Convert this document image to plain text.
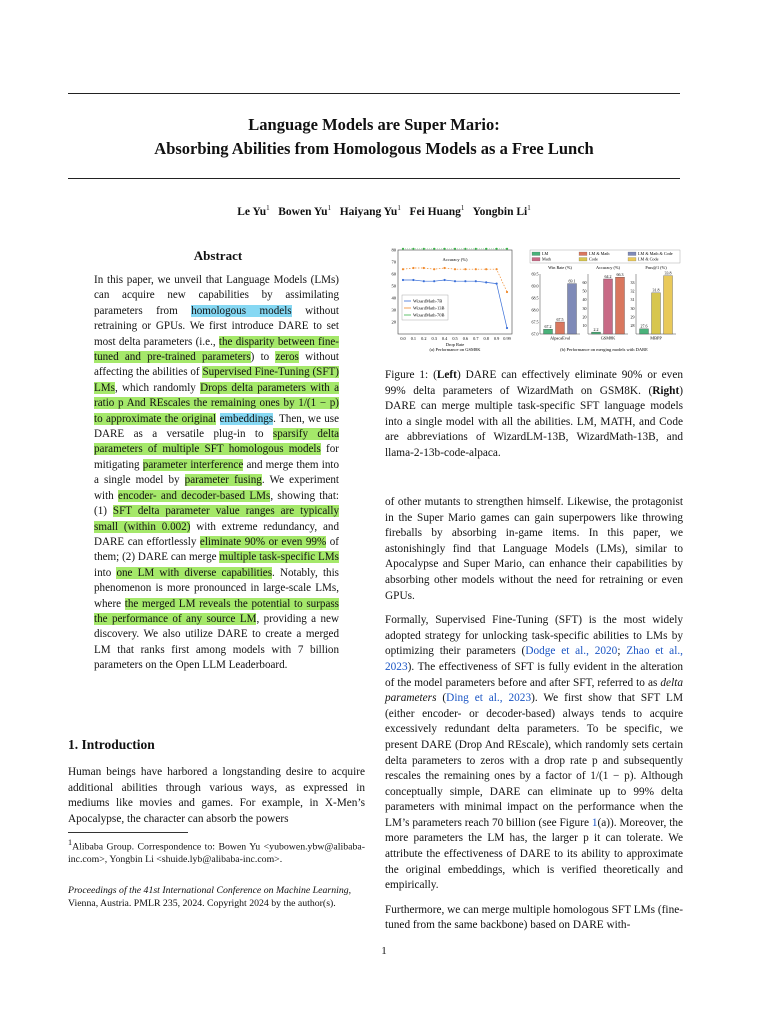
Language Models are Super Mario:
Absorbing Abilities from Homologous Models as a Free Lunch
Le Yu$^1$ Bowen Yu$^1$ Haiyang Yu$^1$ Fei Huang$^1$ Yongbin Li$^1$
Abstract
In this paper, we unveil that Language Models (LMs) can acquire new capabilities by assimilating parameters from homologous models without retraining or GPUs. We first introduce DARE to set most delta parameters (i.e., the disparity between fine-tuned and pre-trained parameters) to zeros without affecting the abilities of Supervised Fine-Tuning (SFT) LMs, which randomly Drops delta parameters with a ratio p And REscales the remaining ones by 1/(1 − p) to approximate the original embeddings. Then, we use DARE as a versatile plug-in to sparsify delta parameters of multiple SFT homologous models for mitigating parameter interference and merge them into a single model by parameter fusing. We experiment with encoder- and decoder-based LMs, showing that: (1) SFT delta parameter value ranges are typically small (within 0.002) with extreme redundancy, and DARE can effortlessly eliminate 90% or even 99% of them; (2) DARE can merge multiple task-specific LMs into one LM with diverse capabilities. Notably, this phenomenon is more pronounced in large-scale LMs, where the merged LM reveals the potential to surpass the performance of any source LM, providing a new discovery. We also utilize DARE to create a merged LM that ranks first among models with 7 billion parameters on the Open LLM Leaderboard.
1. Introduction
Human beings have harbored a longstanding desire to acquire additional abilities through various ways, as expressed in mediums like movies and games. For example, in X-Men’s Apocalypse, the character can absorb the powers
$^1$Alibaba Group. Correspondence to: Bowen Yu <yubowen.ybw@alibaba-inc.com>, Yongbin Li <shuide.lyb@alibaba-inc.com>.
Proceedings of the 41st International Conference on Machine Learning, Vienna, Austria. PMLR 235, 2024. Copyright 2024 by the author(s).
Accuracy (%)
80
70
60
50
40
30
20
0.0 0.1 0.2 0.3 0.4 0.5 0.6 0.7 0.8 0.9 0.99
WizardMath-7B
WizardMath-13B
WizardMath-70B
Drop Rate
(a) Performance on GSM8K
LM	LM & Math	LM & Math & Code
Math	Code	LM & Code
Win Rate (%)
69.5
69.0
68.5
68.0
67.5
67.0
67.2
67.5
69.1
AlpacaEval
Accuracy (%)
60
50
40
30
20
10
2.2
64.2 66.3
GSM8K
Pass@1 (%)
33
32
31
30
29
28 27.6
31.8
33.8
MBPP
(b) Performance on merging models with DARE
Figure 1: (Left) DARE can effectively eliminate 90% or even 99% delta parameters of WizardMath on GSM8K. (Right) DARE can merge multiple task-specific SFT language models into a single model with all the abilities. LM, MATH, and Code are abbreviations of WizardLM-13B, WizardMath-13B, and llama-2-13b-code-alpaca.

of other mutants to strengthen himself. Likewise, the protagonist in the Super Mario games can gain superpowers like throwing fireballs by absorbing in-game items. In this paper, we astonishingly find that Language Models (LMs), similar to Apocalypse and Super Mario, can enhance their capabilities by absorbing other models without the need for retraining or even GPUs.

Formally, Supervised Fine-Tuning (SFT) is the most widely adopted strategy for unlocking task-specific abilities to LMs by optimizing their parameters (Dodge et al., 2020; Zhao et al., 2023). The effectiveness of SFT is fully evident in the alteration of the model parameters before and after SFT, referred to as delta parameters (Ding et al., 2023). We first show that SFT LM (either encoder- or decoder-based) always tends to acquire excessively redundant delta parameters. To be specific, we present DARE (Drop And REscale), which randomly sets certain delta parameters to zeros with a drop rate p and subsequently rescales the remaining ones by a factor of 1/(1 − p). Although conceptually simple, DARE can eliminate up to 99% delta parameters with minimal impact on the performance when the LM’s parameters reach 70 billion (see Figure 1(a)). Moreover, the more parameters the LM has, the larger p it can tolerate. We attribute the effectiveness of DARE to its ability to approximate the original embeddings, which is verified theoretically and empirically.

Furthermore, we can merge multiple homologous SFT LMs (fine-tuned from the same backbone) based on DARE with-

1
